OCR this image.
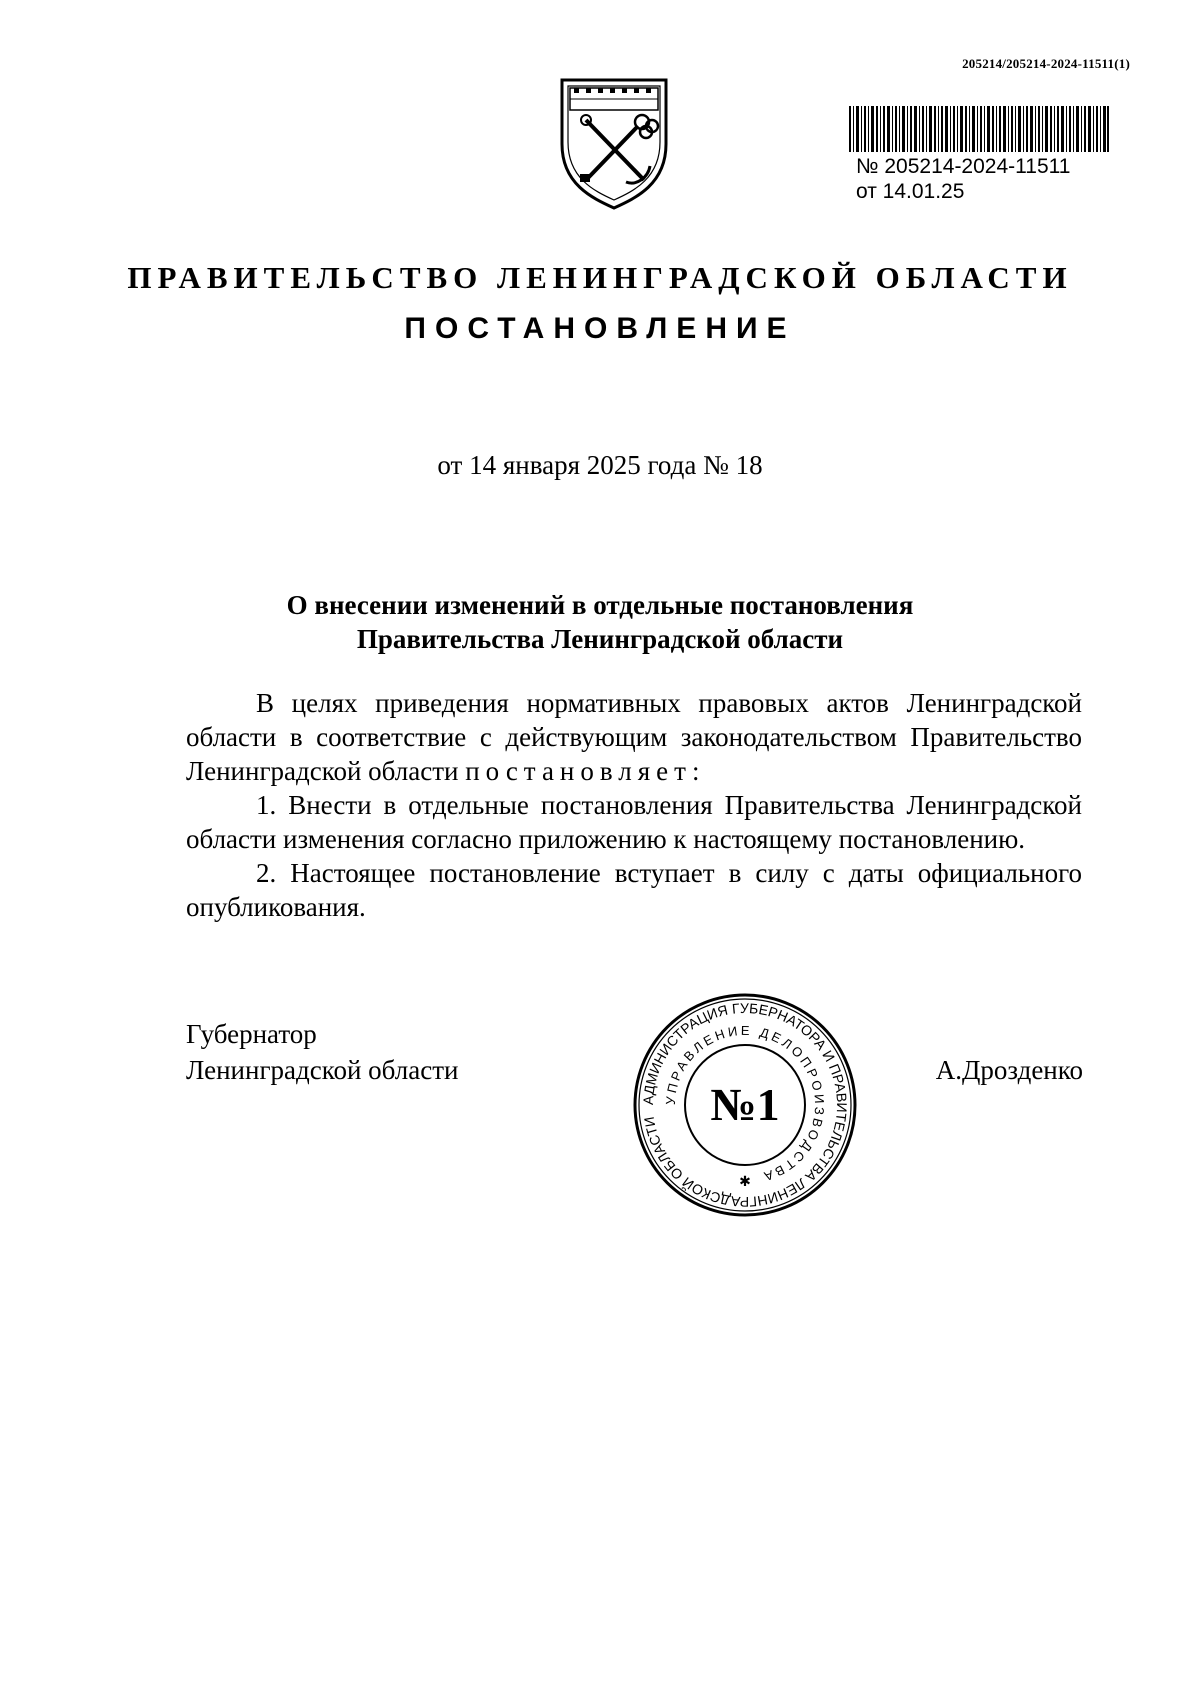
205214/205214-2024-11511(1)
№ 205214-2024-11511
от 14.01.25
ПРАВИТЕЛЬСТВО ЛЕНИНГРАДСКОЙ ОБЛАСТИ
ПОСТАНОВЛЕНИЕ
от 14 января 2025 года № 18
О внесении изменений в отдельные постановления
Правительства Ленинградской области

В целях приведения нормативных правовых актов Ленинградской области в соответствие с действующим законодательством Правительство Ленинградской области постановляет:

1. Внести в отдельные постановления Правительства Ленинградской области изменения согласно приложению к настоящему постановлению.

2. Настоящее постановление вступает в силу с даты официального опубликования.

Губернатор
Ленинградской области	А.Дрозденко
АДМИНИСТРАЦИЯ ГУБЕРНАТОРА И ПРАВИТЕЛЬСТВА ЛЕНИНГРАДСКОЙ ОБЛАСТИ
УПРАВЛЕНИЕ ДЕЛОПРОИЗВОДСТВА
№1
✱
